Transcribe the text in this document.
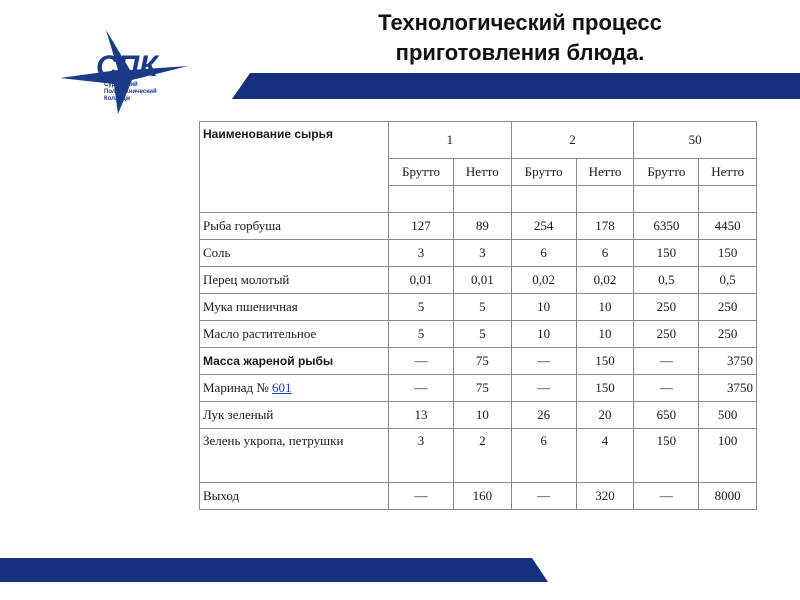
СПК
Сургутский
Политехнический
Колледж
Технологический процесс
приготовления блюда.
Наименование сырья	1		2		50	
	Брутто	Нетто	Брутто	Нетто	Брутто	Нетто

Рыба горбуша	127	89	254	178	6350	4450
Соль	3	3	6	6	150	150
Перец молотый	0,01	0,01	0,02	0,02	0,5	0,5
Мука пшеничная	5	5	10	10	250	250
Масло растительное	5	5	10	10	250	250
Масса жареной рыбы	—	75	—	150	—	3750
Маринад № 601	—	75	—	150	—	3750
Лук зеленый	13	10	26	20	650	500
Зелень укропа, петрушки	3	2	6	4	150	100
Выход	—	160	—	320	—	8000
